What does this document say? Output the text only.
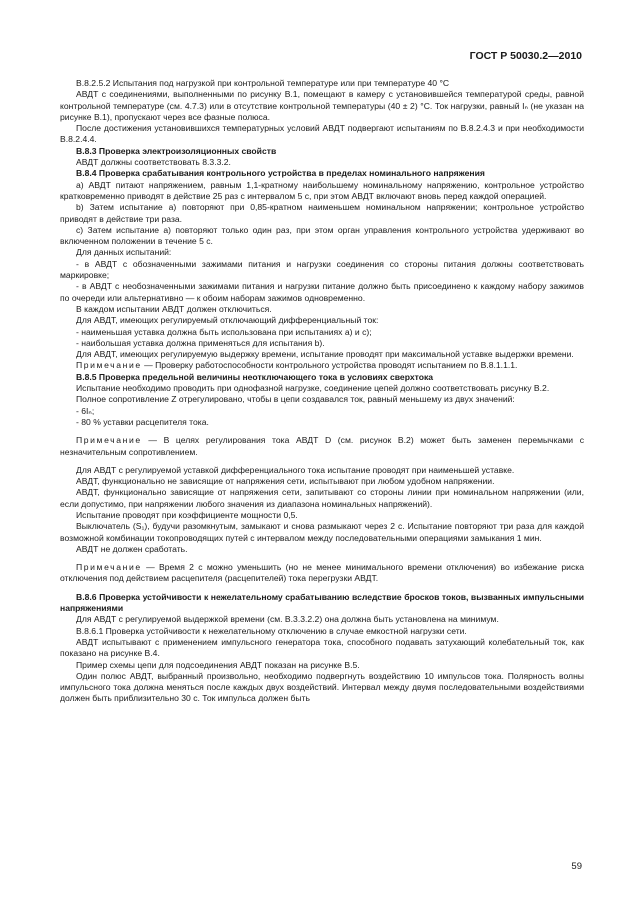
ГОСТ Р 50030.2—2010

В.8.2.5.2 Испытания под нагрузкой при контрольной температуре или при температуре 40 °С

АВДТ с соединениями, выполненными по рисунку В.1, помещают в камеру с установившейся температурой среды, равной контрольной температуре (см. 4.7.3) или в отсутствие контрольной температуры (40 ± 2) °С. Ток нагрузки, равный Iₙ (не указан на рисунке В.1), пропускают через все фазные полюса.

После достижения установившихся температурных условий АВДТ подвергают испытаниям по В.8.2.4.3 и при необходимости В.8.2.4.4.

В.8.3 Проверка электроизоляционных свойств

АВДТ должны соответствовать 8.3.3.2.

В.8.4 Проверка срабатывания контрольного устройства в пределах номинального напряжения

а) АВДТ питают напряжением, равным 1,1-кратному наибольшему номинальному напряжению, контрольное устройство кратковременно приводят в действие 25 раз с интервалом 5 с, при этом АВДТ включают вновь перед каждой операцией.

b) Затем испытание а) повторяют при 0,85-кратном наименьшем номинальном напряжении; контрольное устройство приводят в действие три раза.

с) Затем испытание а) повторяют только один раз, при этом орган управления контрольного устройства удерживают во включенном положении в течение 5 с.

Для данных испытаний:

- в АВДТ с обозначенными зажимами питания и нагрузки соединения со стороны питания должны соответствовать маркировке;

- в АВДТ с необозначенными зажимами питания и нагрузки питание должно быть присоединено к каждому набору зажимов по очереди или альтернативно — к обоим наборам зажимов одновременно.

В каждом испытании АВДТ должен отключиться.

Для АВДТ, имеющих регулируемый отключающий дифференциальный ток:

- наименьшая уставка должна быть использована при испытаниях а) и с);

- наибольшая уставка должна применяться для испытания b).

Для АВДТ, имеющих регулируемую выдержку времени, испытание проводят при максимальной уставке выдержки времени.

Примечание — Проверку работоспособности контрольного устройства проводят испытанием по В.8.1.1.1.

В.8.5 Проверка предельной величины неотключающего тока в условиях сверхтока

Испытание необходимо проводить при однофазной нагрузке, соединение цепей должно соответствовать рисунку В.2.

Полное сопротивление Z отрегулировано, чтобы в цепи создавался ток, равный меньшему из двух значений:

- 6Iₙ;

- 80 % уставки расцепителя тока.

Примечание — В целях регулирования тока АВДТ D (см. рисунок В.2) может быть заменен перемычками с незначительным сопротивлением.

Для АВДТ с регулируемой уставкой дифференциального тока испытание проводят при наименьшей уставке.

АВДТ, функционально не зависящие от напряжения сети, испытывают при любом удобном напряжении.

АВДТ, функционально зависящие от напряжения сети, запитывают со стороны линии при номинальном напряжении (или, если допустимо, при напряжении любого значения из диапазона номинальных напряжений).

Испытание проводят при коэффициенте мощности 0,5.

Выключатель (S₁), будучи разомкнутым, замыкают и снова размыкают через 2 с. Испытание повторяют три раза для каждой возможной комбинации токопроводящих путей с интервалом между последовательными операциями замыкания 1 мин.

АВДТ не должен сработать.

Примечание — Время 2 с можно уменьшить (но не менее минимального времени отключения) во избежание риска отключения под действием расцепителя (расцепителей) тока перегрузки АВДТ.

В.8.6 Проверка устойчивости к нежелательному срабатыванию вследствие бросков токов, вызванных импульсными напряжениями

Для АВДТ с регулируемой выдержкой времени (см. В.3.3.2.2) она должна быть установлена на минимум.

В.8.6.1 Проверка устойчивости к нежелательному отключению в случае емкостной нагрузки сети.

АВДТ испытывают с применением импульсного генератора тока, способного подавать затухающий колебательный ток, как показано на рисунке В.4.

Пример схемы цепи для подсоединения АВДТ показан на рисунке В.5.

Один полюс АВДТ, выбранный произвольно, необходимо подвергнуть воздействию 10 импульсов тока. Полярность волны импульсного тока должна меняться после каждых двух воздействий. Интервал между двумя последовательными воздействиями должен быть приблизительно 30 с. Ток импульса должен быть

59
